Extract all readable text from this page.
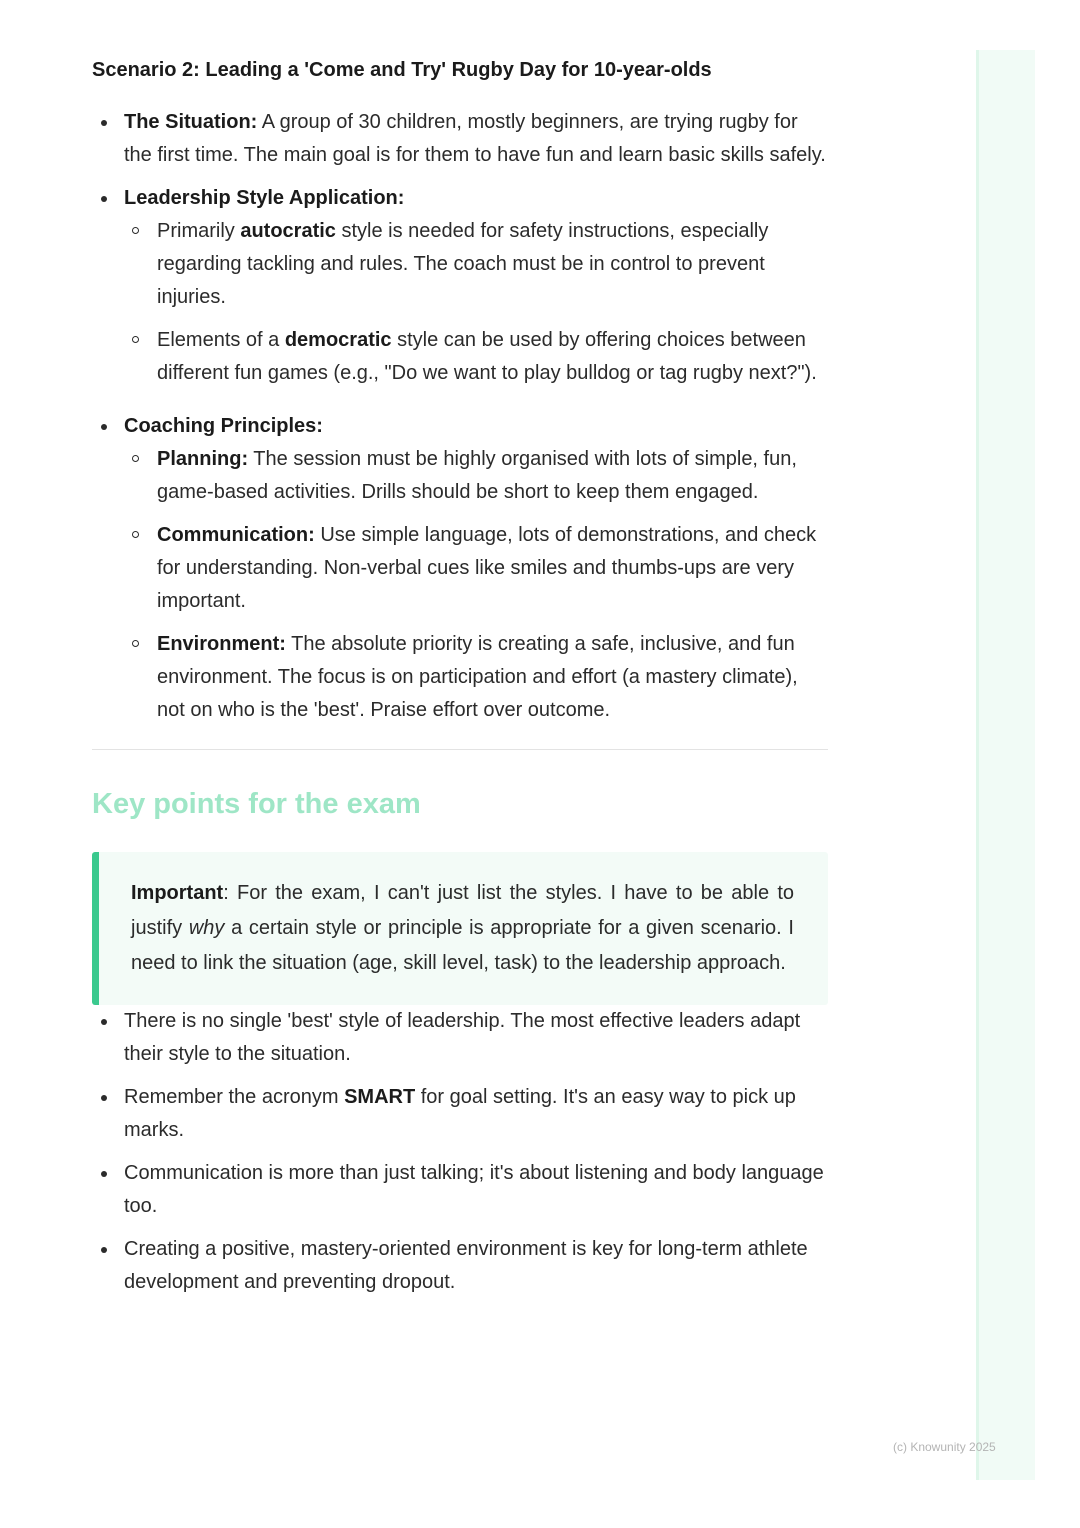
Scenario 2: Leading a 'Come and Try' Rugby Day for 10-year-olds
The Situation: A group of 30 children, mostly beginners, are trying rugby for the first time. The main goal is for them to have fun and learn basic skills safely.
Leadership Style Application:
Primarily autocratic style is needed for safety instructions, especially regarding tackling and rules. The coach must be in control to prevent injuries.
Elements of a democratic style can be used by offering choices between different fun games (e.g., "Do we want to play bulldog or tag rugby next?").
Coaching Principles:
Planning: The session must be highly organised with lots of simple, fun, game-based activities. Drills should be short to keep them engaged.
Communication: Use simple language, lots of demonstrations, and check for understanding. Non-verbal cues like smiles and thumbs-ups are very important.
Environment: The absolute priority is creating a safe, inclusive, and fun environment. The focus is on participation and effort (a mastery climate), not on who is the 'best'. Praise effort over outcome.
Key points for the exam
Important: For the exam, I can't just list the styles. I have to be able to justify why a certain style or principle is appropriate for a given scenario. I need to link the situation (age, skill level, task) to the leadership approach.
There is no single 'best' style of leadership. The most effective leaders adapt their style to the situation.
Remember the acronym SMART for goal setting. It's an easy way to pick up marks.
Communication is more than just talking; it's about listening and body language too.
Creating a positive, mastery-oriented environment is key for long-term athlete development and preventing dropout.
(c) Knowunity 2025
